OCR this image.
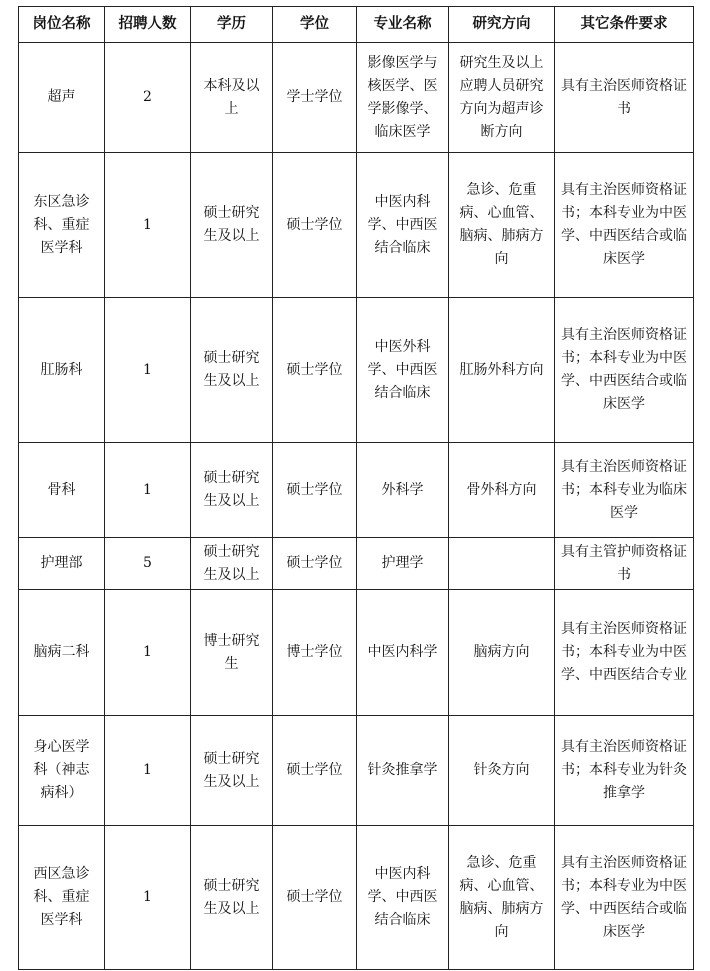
岗位名称	招聘人数	学历	学位	专业名称	研究方向	其它条件要求
超声	2	本科及以上	学士学位	影像医学与核医学、医学影像学、临床医学	研究生及以上应聘人员研究方向为超声诊断方向	具有主治医师资格证书
东区急诊科、重症医学科	1	硕士研究生及以上	硕士学位	中医内科学、中西医结合临床	急诊、危重病、心血管、脑病、肺病方向	具有主治医师资格证书；本科专业为中医学、中西医结合或临床医学
肛肠科	1	硕士研究生及以上	硕士学位	中医外科学、中西医结合临床	肛肠外科方向	具有主治医师资格证书；本科专业为中医学、中西医结合或临床医学
骨科	1	硕士研究生及以上	硕士学位	外科学	骨外科方向	具有主治医师资格证书；本科专业为临床医学
护理部	5	硕士研究生及以上	硕士学位	护理学		具有主管护师资格证书
脑病二科	1	博士研究生	博士学位	中医内科学	脑病方向	具有主治医师资格证书；本科专业为中医学、中西医结合专业
身心医学科（神志病科）	1	硕士研究生及以上	硕士学位	针灸推拿学	针灸方向	具有主治医师资格证书；本科专业为针灸推拿学
西区急诊科、重症医学科	1	硕士研究生及以上	硕士学位	中医内科学、中西医结合临床	急诊、危重病、心血管、脑病、肺病方向	具有主治医师资格证书；本科专业为中医学、中西医结合或临床医学
